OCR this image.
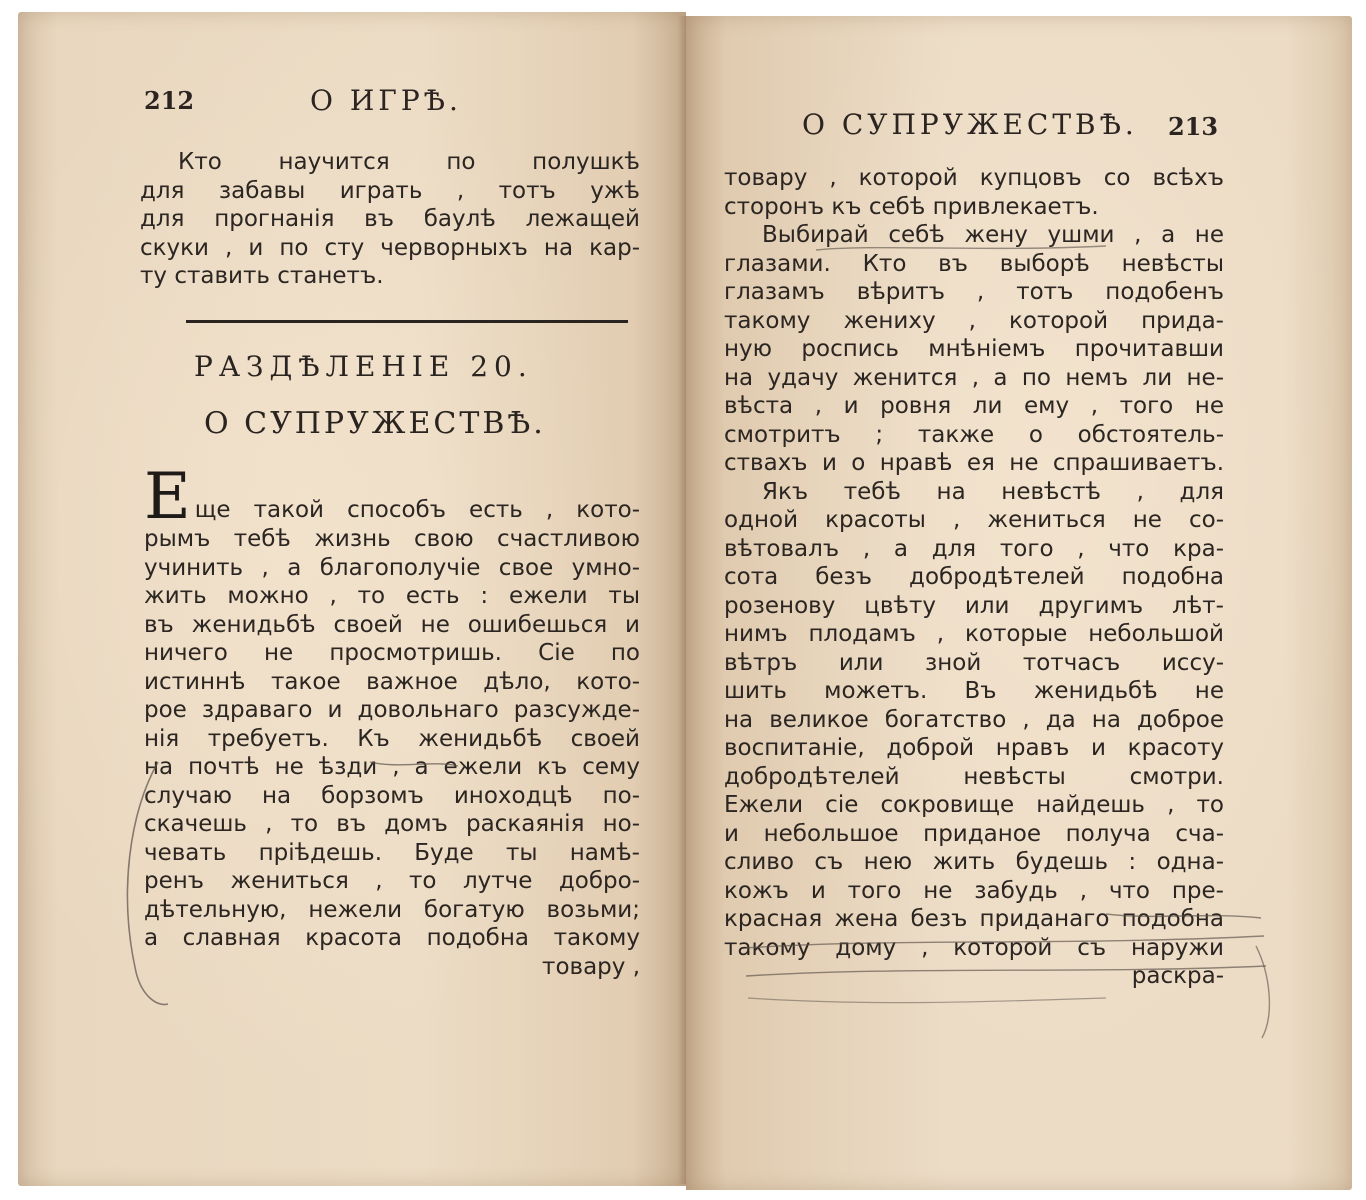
212	О ИГРѢ.
Кто научится по полушкѣ
для забавы играть , тотъ ужѣ
для прогнанія въ баулѣ лежащей
скуки , и по сту черворныхъ на кар-
ту ставить станетъ.
РАЗДѢЛЕНІЕ 20.
О СУПРУЖЕСТВѢ.
Е ще такой способъ есть , кото-
рымъ тебѣ жизнь свою счастливою
учинить , а благополучіе свое умно-
жить можно , то есть : ежели ты
въ женидьбѣ своей не ошибешься и
ничего не просмотришь. Сіе по
истиннѣ такое важное дѣло, кото-
рое здраваго и довольнаго разсужде-
нія требуетъ. Къ женидьбѣ своей
на почтѣ не ѣзди , а ежели къ сему
случаю на борзомъ иноходцѣ по-
скачешь , то въ домъ раскаянія но-
чевать пріѣдешь. Буде ты намѣ-
ренъ жениться , то лутче добро-
дѣтельную, нежели богатую возьми;
а славная красота подобна такому
товару ,
О СУПРУЖЕСТВѢ. 213
товару , которой купцовъ со всѣхъ
сторонъ къ себѣ привлекаетъ.
Выбирай себѣ жену ушми , а не
глазами. Кто въ выборѣ невѣсты
глазамъ вѣритъ , тотъ подобенъ
такому жениху , которой прида-
ную роспись мнѣніемъ прочитавши
на удачу женится , а по немъ ли не-
вѣста , и ровня ли ему , того не
смотритъ ; также о обстоятель-
ствахъ и о нравѣ ея не спрашиваетъ.
Якъ тебѣ на невѣстѣ , для
одной красоты , жениться не со-
вѣтовалъ , а для того , что кра-
сота безъ добродѣтелей подобна
розенову цвѣту или другимъ лѣт-
нимъ плодамъ , которые небольшой
вѣтръ или зной тотчасъ иссу-
шить можетъ. Въ женидьбѣ не
на великое богатство , да на доброе
воспитаніе, доброй нравъ и красоту
добродѣтелей невѣсты смотри.
Ежели сіе сокровище найдешь , то
и небольшое приданое получа сча-
сливо съ нею жить будешь : одна-
кожъ и того не забудь , что пре-
красная жена безъ приданаго подобна
такому дому , которой съ наружи
раскра-
